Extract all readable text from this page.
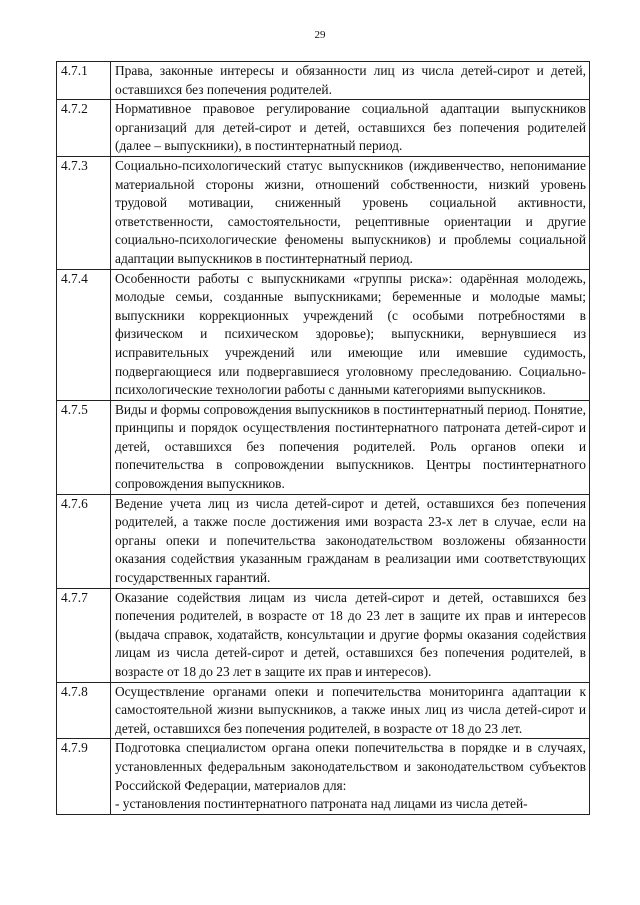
29
4.7.1	Права, законные интересы и обязанности лиц из числа детей-сирот и детей, оставшихся без попечения родителей.
4.7.2	Нормативное правовое регулирование социальной адаптации выпускников организаций для детей-сирот и детей, оставшихся без попечения родителей (далее – выпускники), в постинтернатный период.
4.7.3	Социально-психологический статус выпускников (иждивенчество, непонимание материальной стороны жизни, отношений собственности, низкий уровень трудовой мотивации, сниженный уровень социальной активности, ответственности, самостоятельности, рецептивные ориентации и другие социально-психологические феномены выпускников) и проблемы социальной адаптации выпускников в постинтернатный период.
4.7.4	Особенности работы с выпускниками «группы риска»: одарённая молодежь, молодые семьи, созданные выпускниками; беременные и молодые мамы; выпускники коррекционных учреждений (с особыми потребностями в физическом и психическом здоровье); выпускники, вернувшиеся из исправительных учреждений или имеющие или имевшие судимость, подвергающиеся или подвергавшиеся уголовному преследованию. Социально-психологические технологии работы с данными категориями выпускников.
4.7.5	Виды и формы сопровождения выпускников в постинтернатный период. Понятие, принципы и порядок осуществления постинтернатного патроната детей-сирот и детей, оставшихся без попечения родителей. Роль органов опеки и попечительства в сопровождении выпускников. Центры постинтернатного сопровождения выпускников.
4.7.6	Ведение учета лиц из числа детей-сирот и детей, оставшихся без попечения родителей, а также после достижения ими возраста 23-х лет в случае, если на органы опеки и попечительства законодательством возложены обязанности оказания содействия указанным гражданам в реализации ими соответствующих государственных гарантий.
4.7.7	Оказание содействия лицам из числа детей-сирот и детей, оставшихся без попечения родителей, в возрасте от 18 до 23 лет в защите их прав и интересов (выдача справок, ходатайств, консультации и другие формы оказания содействия лицам из числа детей-сирот и детей, оставшихся без попечения родителей, в возрасте от 18 до 23 лет в защите их прав и интересов).
4.7.8	Осуществление органами опеки и попечительства мониторинга адаптации к самостоятельной жизни выпускников, а также иных лиц из числа детей-сирот и детей, оставшихся без попечения родителей, в возрасте от 18 до 23 лет.
4.7.9	Подготовка специалистом органа опеки попечительства в порядке и в случаях, установленных федеральным законодательством и законодательством субъектов Российской Федерации, материалов для:
- установления постинтернатного патроната над лицами из числа детей-
